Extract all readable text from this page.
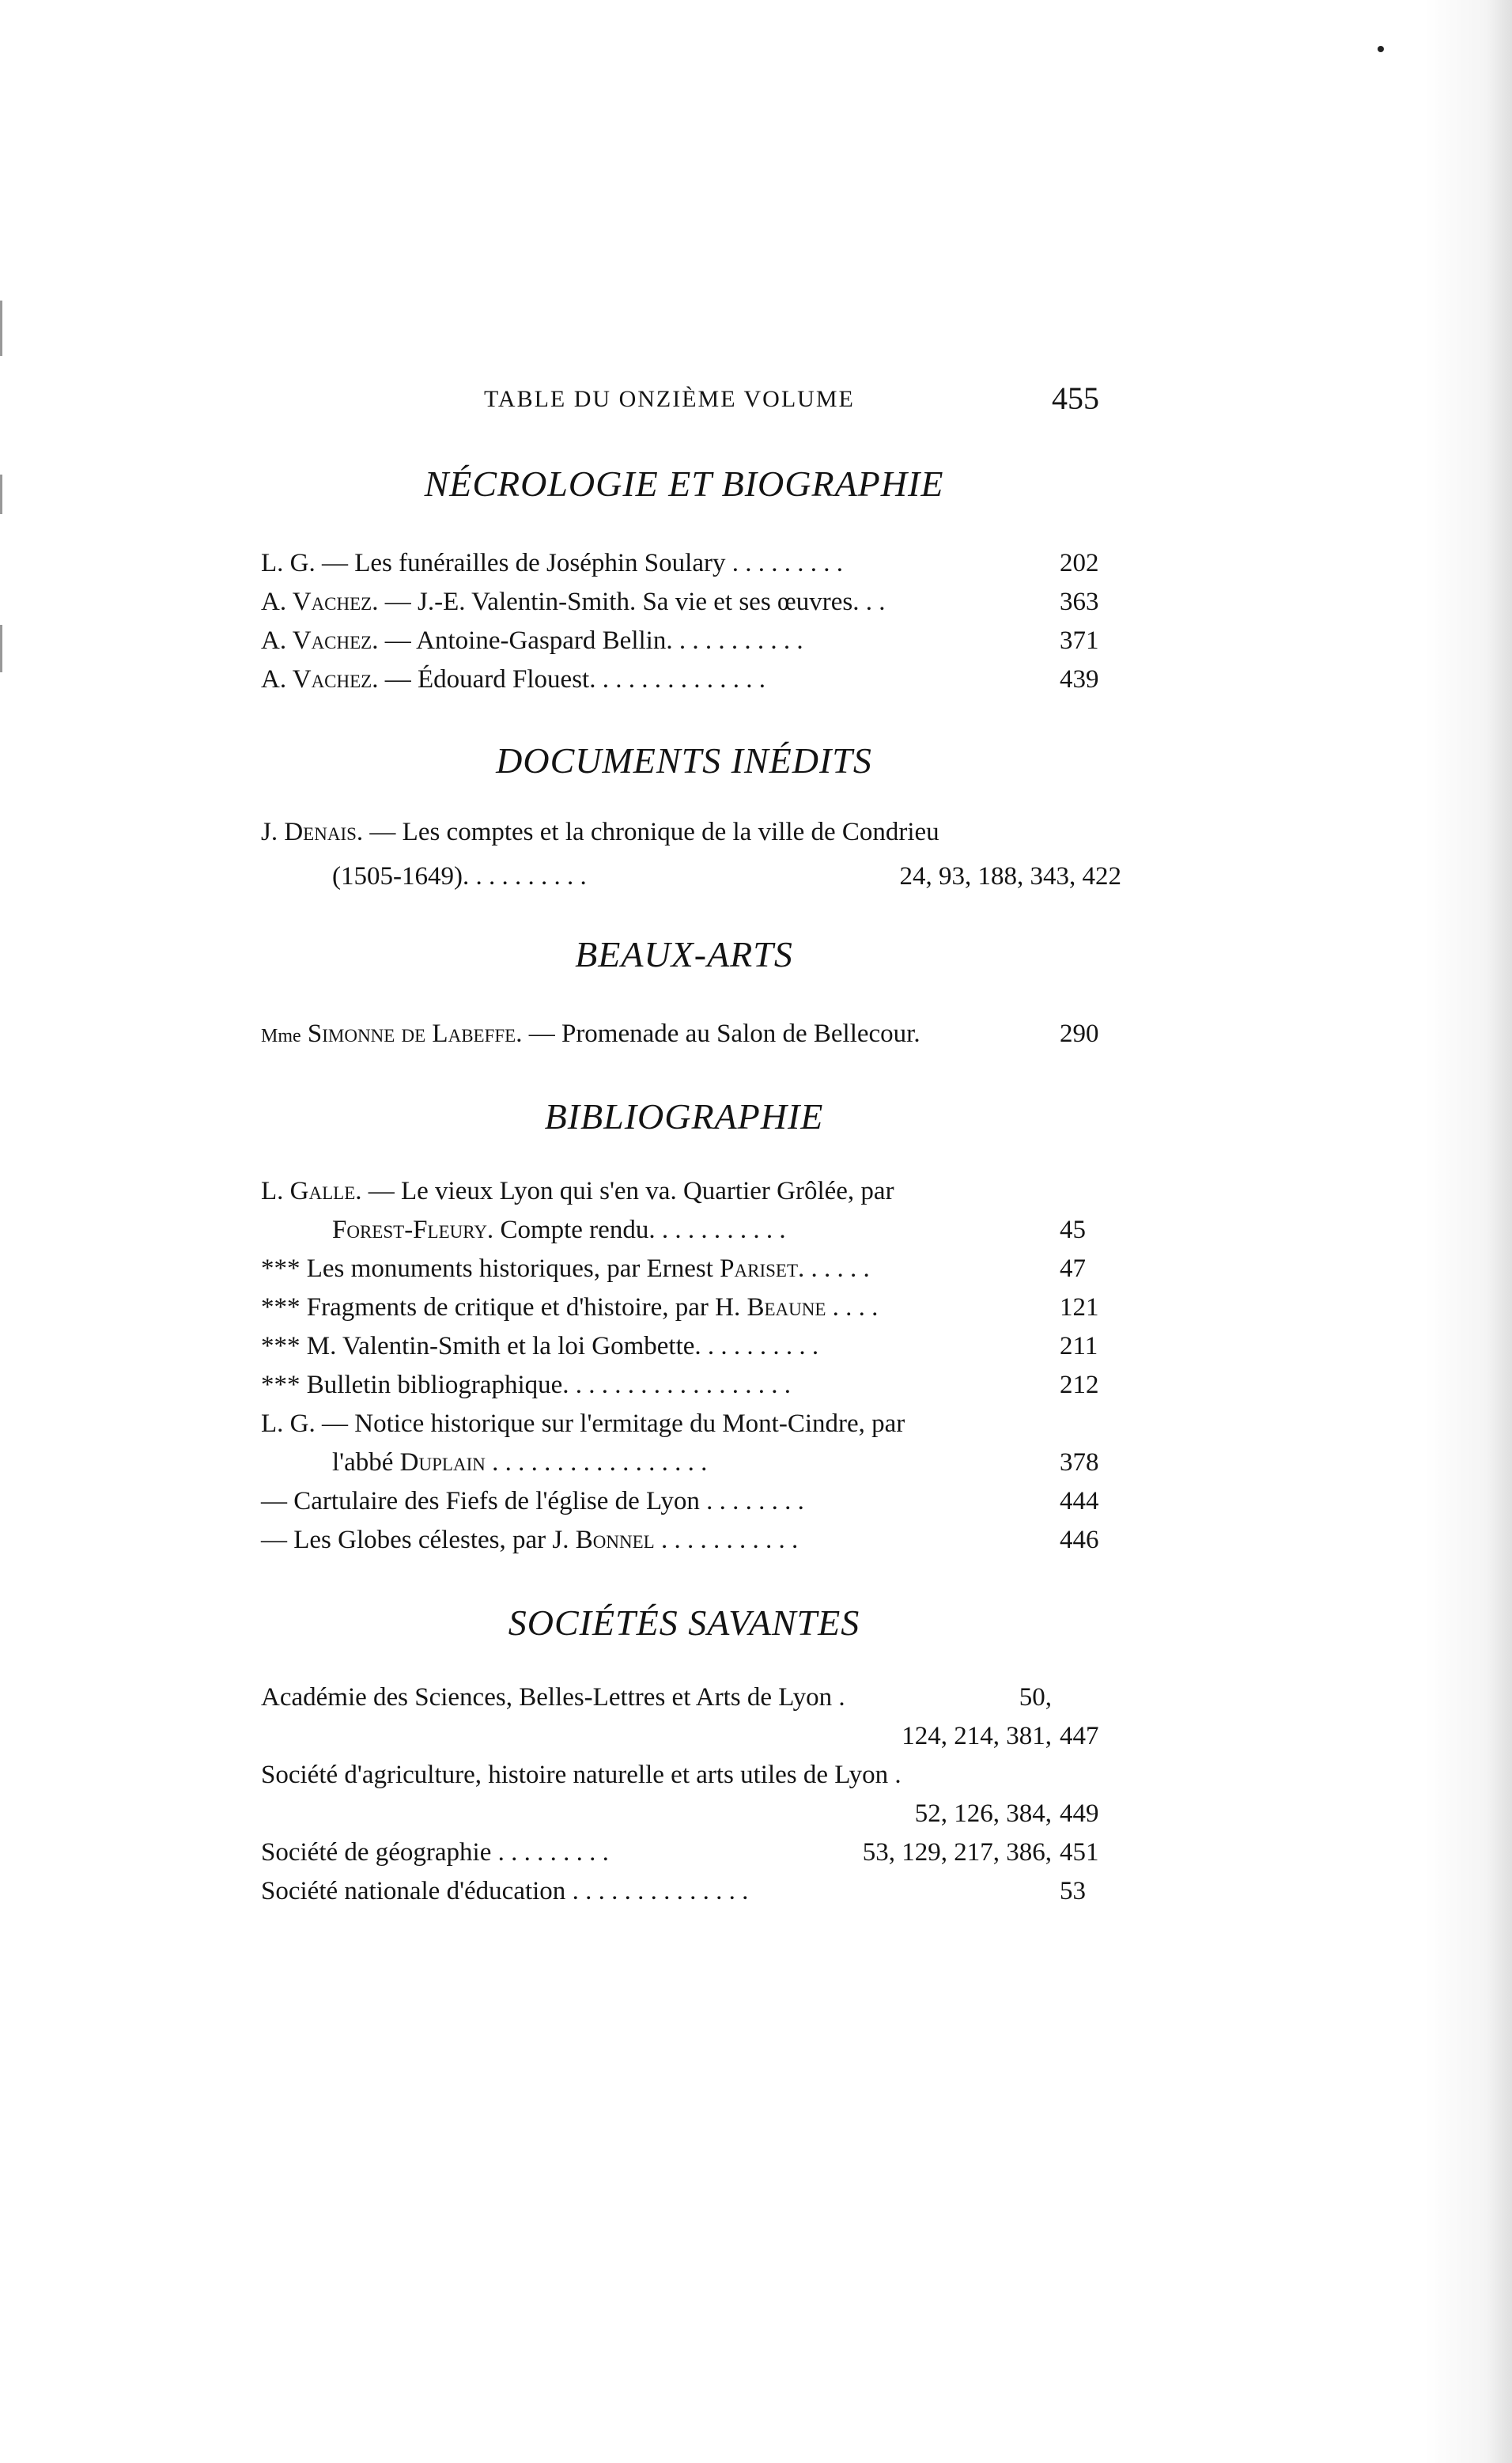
TABLE DU ONZIÈME VOLUME	455
NÉCROLOGIE ET BIOGRAPHIE
L. G. — Les funérailles de Joséphin Soulary . . . . . . . . .	202
A. Vachez. — J.-E. Valentin-Smith. Sa vie et ses œuvres. . .	363
A. Vachez. — Antoine-Gaspard Bellin. . . . . . . . . . .	371
A. Vachez. — Édouard Flouest. . . . . . . . . . . . . .	439
DOCUMENTS INÉDITS
J. Denais. — Les comptes et la chronique de la ville de Condrieu
(1505-1649). . . . . . . . . .	24, 93, 188, 343, 422
BEAUX-ARTS
Mme Simonne de Labeffe. — Promenade au Salon de Bellecour.	290
BIBLIOGRAPHIE
L. Galle. — Le vieux Lyon qui s'en va. Quartier Grôlée, par
Forest-Fleury. Compte rendu. . . . . . . . . . .	45
*** Les monuments historiques, par Ernest Pariset. . . . . .	47
*** Fragments de critique et d'histoire, par H. Beaune . . . .	121
*** M. Valentin-Smith et la loi Gombette. . . . . . . . . .	211
*** Bulletin bibliographique. . . . . . . . . . . . . . . . . .	212
L. G. — Notice historique sur l'ermitage du Mont-Cindre, par
l'abbé Duplain . . . . . . . . . . . . . . . . .	378
— Cartulaire des Fiefs de l'église de Lyon . . . . . . . .	444
— Les Globes célestes, par J. Bonnel . . . . . . . . . . .	446
SOCIÉTÉS SAVANTES
Académie des Sciences, Belles-Lettres et Arts de Lyon .	50,
124, 214, 381, 447
Société d'agriculture, histoire naturelle et arts utiles de Lyon .
52, 126, 384, 449
Société de géographie . . . . . . . . .	53, 129, 217, 386, 451
Société nationale d'éducation . . . . . . . . . . . . . .	53
